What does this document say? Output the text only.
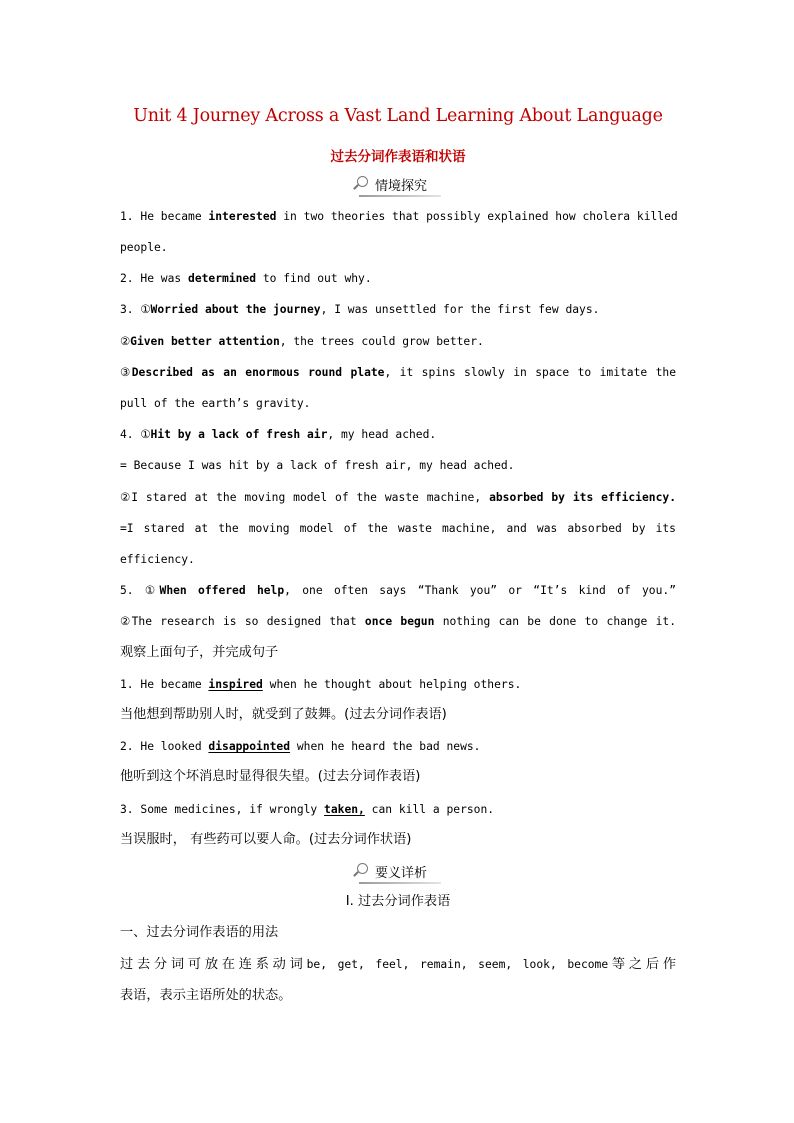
Unit 4 Journey Across a Vast Land Learning About Language
过去分词作表语和状语
情境探究
1. He became interested in two theories that possibly explained how cholera killed
people.
2. He was determined to find out why.
3. ①Worried about the journey, I was unsettled for the first few days.
②Given better attention, the trees could grow better.
③Described as an enormous round plate, it spins slowly in space to imitate the
pull of the earth’s gravity.
4. ①Hit by a lack of fresh air, my head ached.
= Because I was hit by a lack of fresh air, my head ached.
②I stared at the moving model of the waste machine, absorbed by its efficiency.
=I stared at the moving model of the waste machine, and was absorbed by its
efficiency.
5. ①When offered help, one often says “Thank you” or “It’s kind of you.”
②The research is so designed that once begun nothing can be done to change it.
观察上面句子，并完成句子
1. He became inspired when he thought about helping others.
当他想到帮助别人时，就受到了鼓舞。(过去分词作表语)
2. He looked disappointed when he heard the bad news.
他听到这个坏消息时显得很失望。(过去分词作表语)
3. Some medicines, if wrongly taken, can kill a person.
当误服时， 有些药可以要人命。(过去分词作状语)
要义详析
Ⅰ. 过去分词作表语
一、过去分词作表语的用法
过去分词可放在连系动词be, get, feel, remain, seem, look, become等之后作
表语，表示主语所处的状态。
